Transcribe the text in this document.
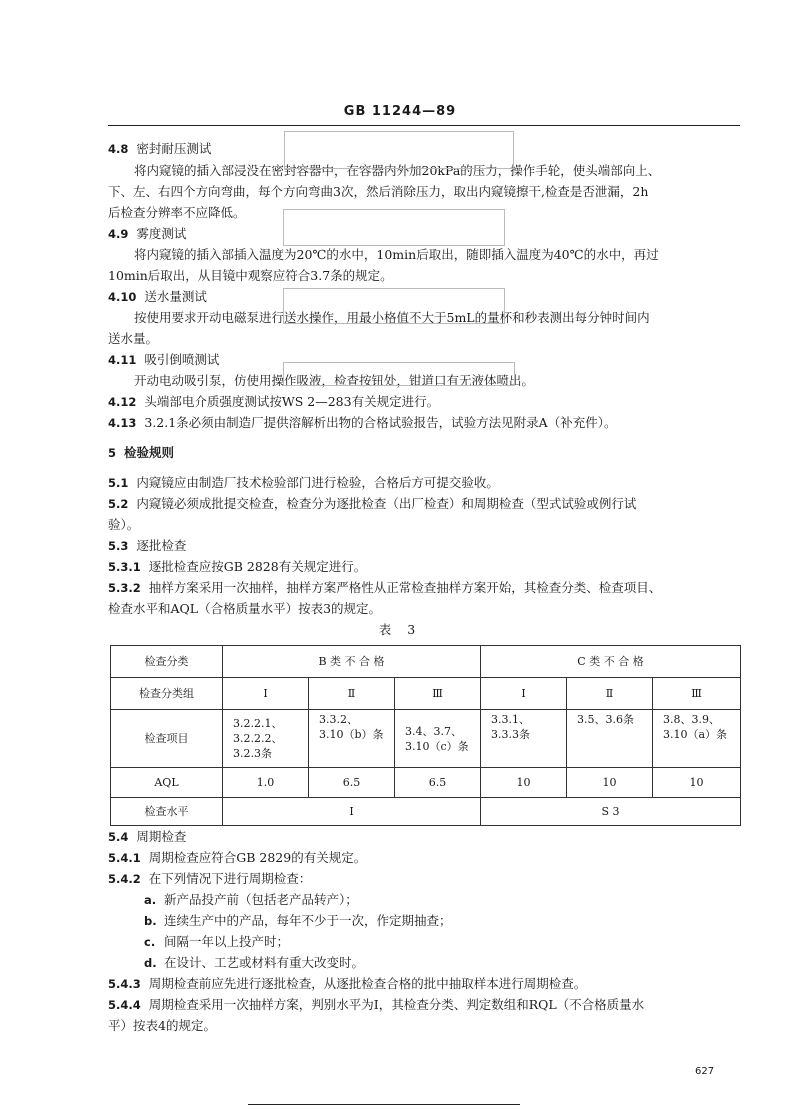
GB 11244—89
4.8 密封耐压测试
将内窥镜的插入部浸没在密封容器中，在容器内外加20kPa的压力，操作手轮，使头端部向上、
下、左、右四个方向弯曲，每个方向弯曲3次，然后消除压力，取出内窥镜擦干,检查是否泄漏，2h
后检查分辨率不应降低。
4.9 雾度测试
将内窥镜的插入部插入温度为20℃的水中，10min后取出，随即插入温度为40℃的水中，再过
10min后取出，从目镜中观察应符合3.7条的规定。
4.10 送水量测试
按使用要求开动电磁泵进行送水操作，用最小格值不大于5mL的量杯和秒表测出每分钟时间内
送水量。
4.11 吸引倒喷测试
开动电动吸引泵，仿使用操作吸液，检查按钮处，钳道口有无液体喷出。
4.12 头端部电介质强度测试按WS 2—283有关规定进行。
4.13 3.2.1条必须由制造厂提供溶解析出物的合格试验报告，试验方法见附录A（补充件）。
5 检验规则
5.1 内窥镜应由制造厂技术检验部门进行检验，合格后方可提交验收。
5.2 内窥镜必须成批提交检查，检查分为逐批检查（出厂检查）和周期检查（型式试验或例行试
验）。
5.3 逐批检查
5.3.1 逐批检查应按GB 2828有关规定进行。
5.3.2 抽样方案采用一次抽样，抽样方案严格性从正常检查抽样方案开始，其检查分类、检查项目、
检查水平和AQL（合格质量水平）按表3的规定。
5.4 周期检查
5.4.1 周期检查应符合GB 2829的有关规定。
5.4.2 在下列情况下进行周期检查：
a. 新产品投产前（包括老产品转产）；
b. 连续生产中的产品，每年不少于一次，作定期抽查；
c. 间隔一年以上投产时；
d. 在设计、工艺或材料有重大改变时。
5.4.3 周期检查前应先进行逐批检查，从逐批检查合格的批中抽取样本进行周期检查。
5.4.4 周期检查采用一次抽样方案，判别水平为Ⅰ，其检查分类、判定数组和RQL（不合格质量水
平）按表4的规定。
表 3
检查分类	B 类 不 合 格			C 类 不 合 格		
检查分类组	Ⅰ	Ⅱ	Ⅲ	Ⅰ	Ⅱ	Ⅲ
检查项目	3.2.2.1、
3.2.2.2、
3.2.3条	3.3.2、
3.10（b）条	3.4、3.7、
3.10（c）条	3.3.1、
3.3.3条	3.5、3.6条	3.8、3.9、
3.10（a）条
AQL	1.0	6.5	6.5	10	10	10
检查水平	Ⅰ			S 3		
627
